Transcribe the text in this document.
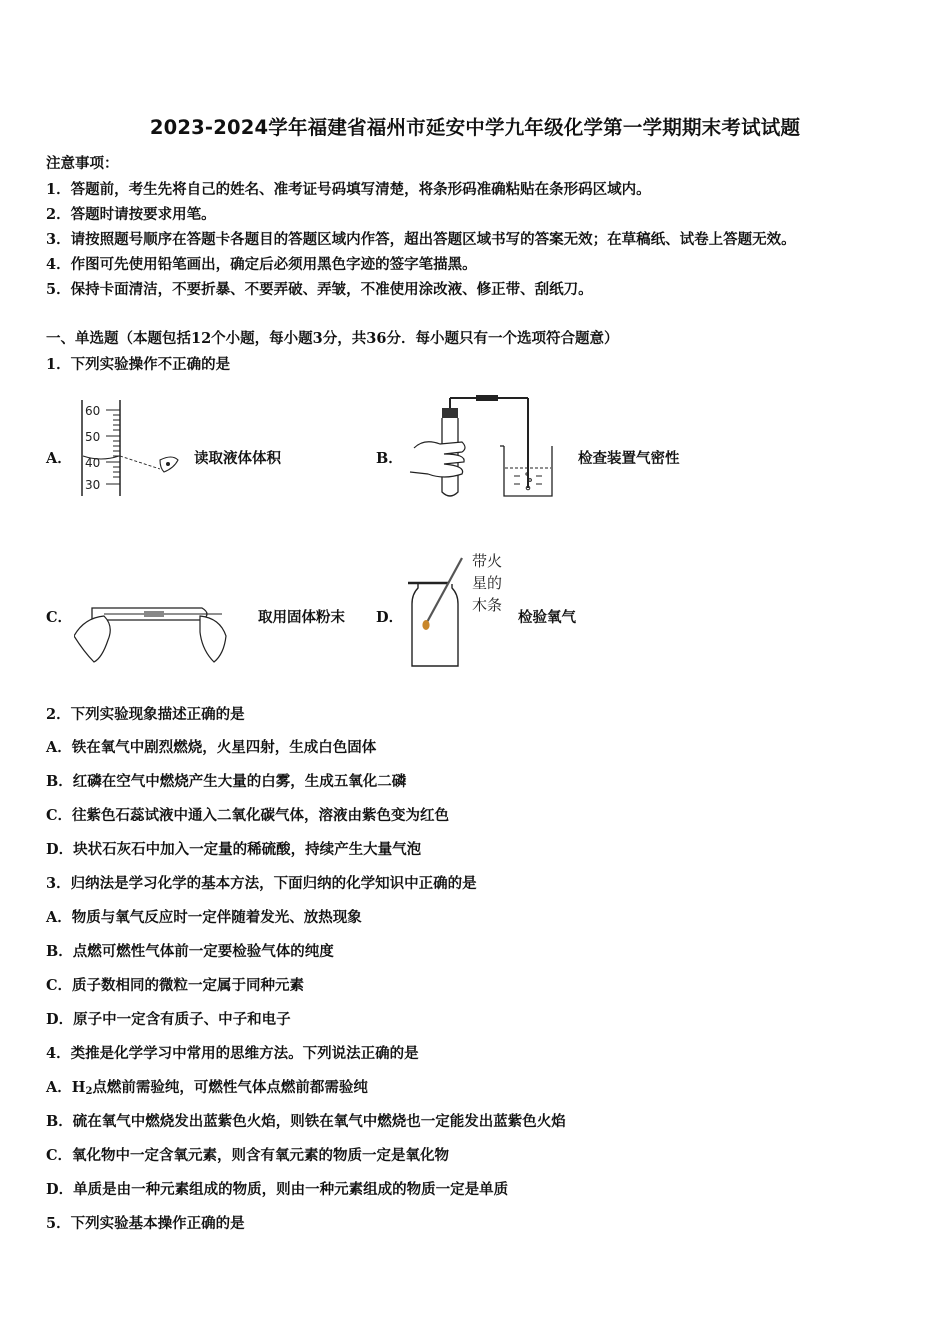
2023-2024学年福建省福州市延安中学九年级化学第一学期期末考试试题
注意事项：
1．答题前，考生先将自己的姓名、准考证号码填写清楚，将条形码准确粘贴在条形码区域内。
2．答题时请按要求用笔。
3．请按照题号顺序在答题卡各题目的答题区域内作答，超出答题区域书写的答案无效；在草稿纸、试卷上答题无效。
4．作图可先使用铅笔画出，确定后必须用黑色字迹的签字笔描黑。
5．保持卡面清洁，不要折暴、不要弄破、弄皱，不准使用涂改液、修正带、刮纸刀。
一、单选题（本题包括12个小题，每小题3分，共36分．每小题只有一个选项符合题意）
1．下列实验操作不正确的是
A．
60
50
40
30
读取液体体积	B．	检查装置气密性
C．	取用固体粉末 D．
带火
星的
木条
检验氧气
2．下列实验现象描述正确的是
A．铁在氧气中剧烈燃烧，火星四射，生成白色固体
B．红磷在空气中燃烧产生大量的白雾，生成五氧化二磷
C．往紫色石蕊试液中通入二氧化碳气体，溶液由紫色变为红色
D．块状石灰石中加入一定量的稀硫酸，持续产生大量气泡
3．归纳法是学习化学的基本方法，下面归纳的化学知识中正确的是
A．物质与氧气反应时一定伴随着发光、放热现象
B．点燃可燃性气体前一定要检验气体的纯度
C．质子数相同的微粒一定属于同种元素
D．原子中一定含有质子、中子和电子
4．类推是化学学习中常用的思维方法。下列说法正确的是
A．$H_2$点燃前需验纯，可燃性气体点燃前都需验纯
B．硫在氧气中燃烧发出蓝紫色火焰，则铁在氧气中燃烧也一定能发出蓝紫色火焰
C．氧化物中一定含氧元素，则含有氧元素的物质一定是氧化物
D．单质是由一种元素组成的物质，则由一种元素组成的物质一定是单质
5．下列实验基本操作正确的是
